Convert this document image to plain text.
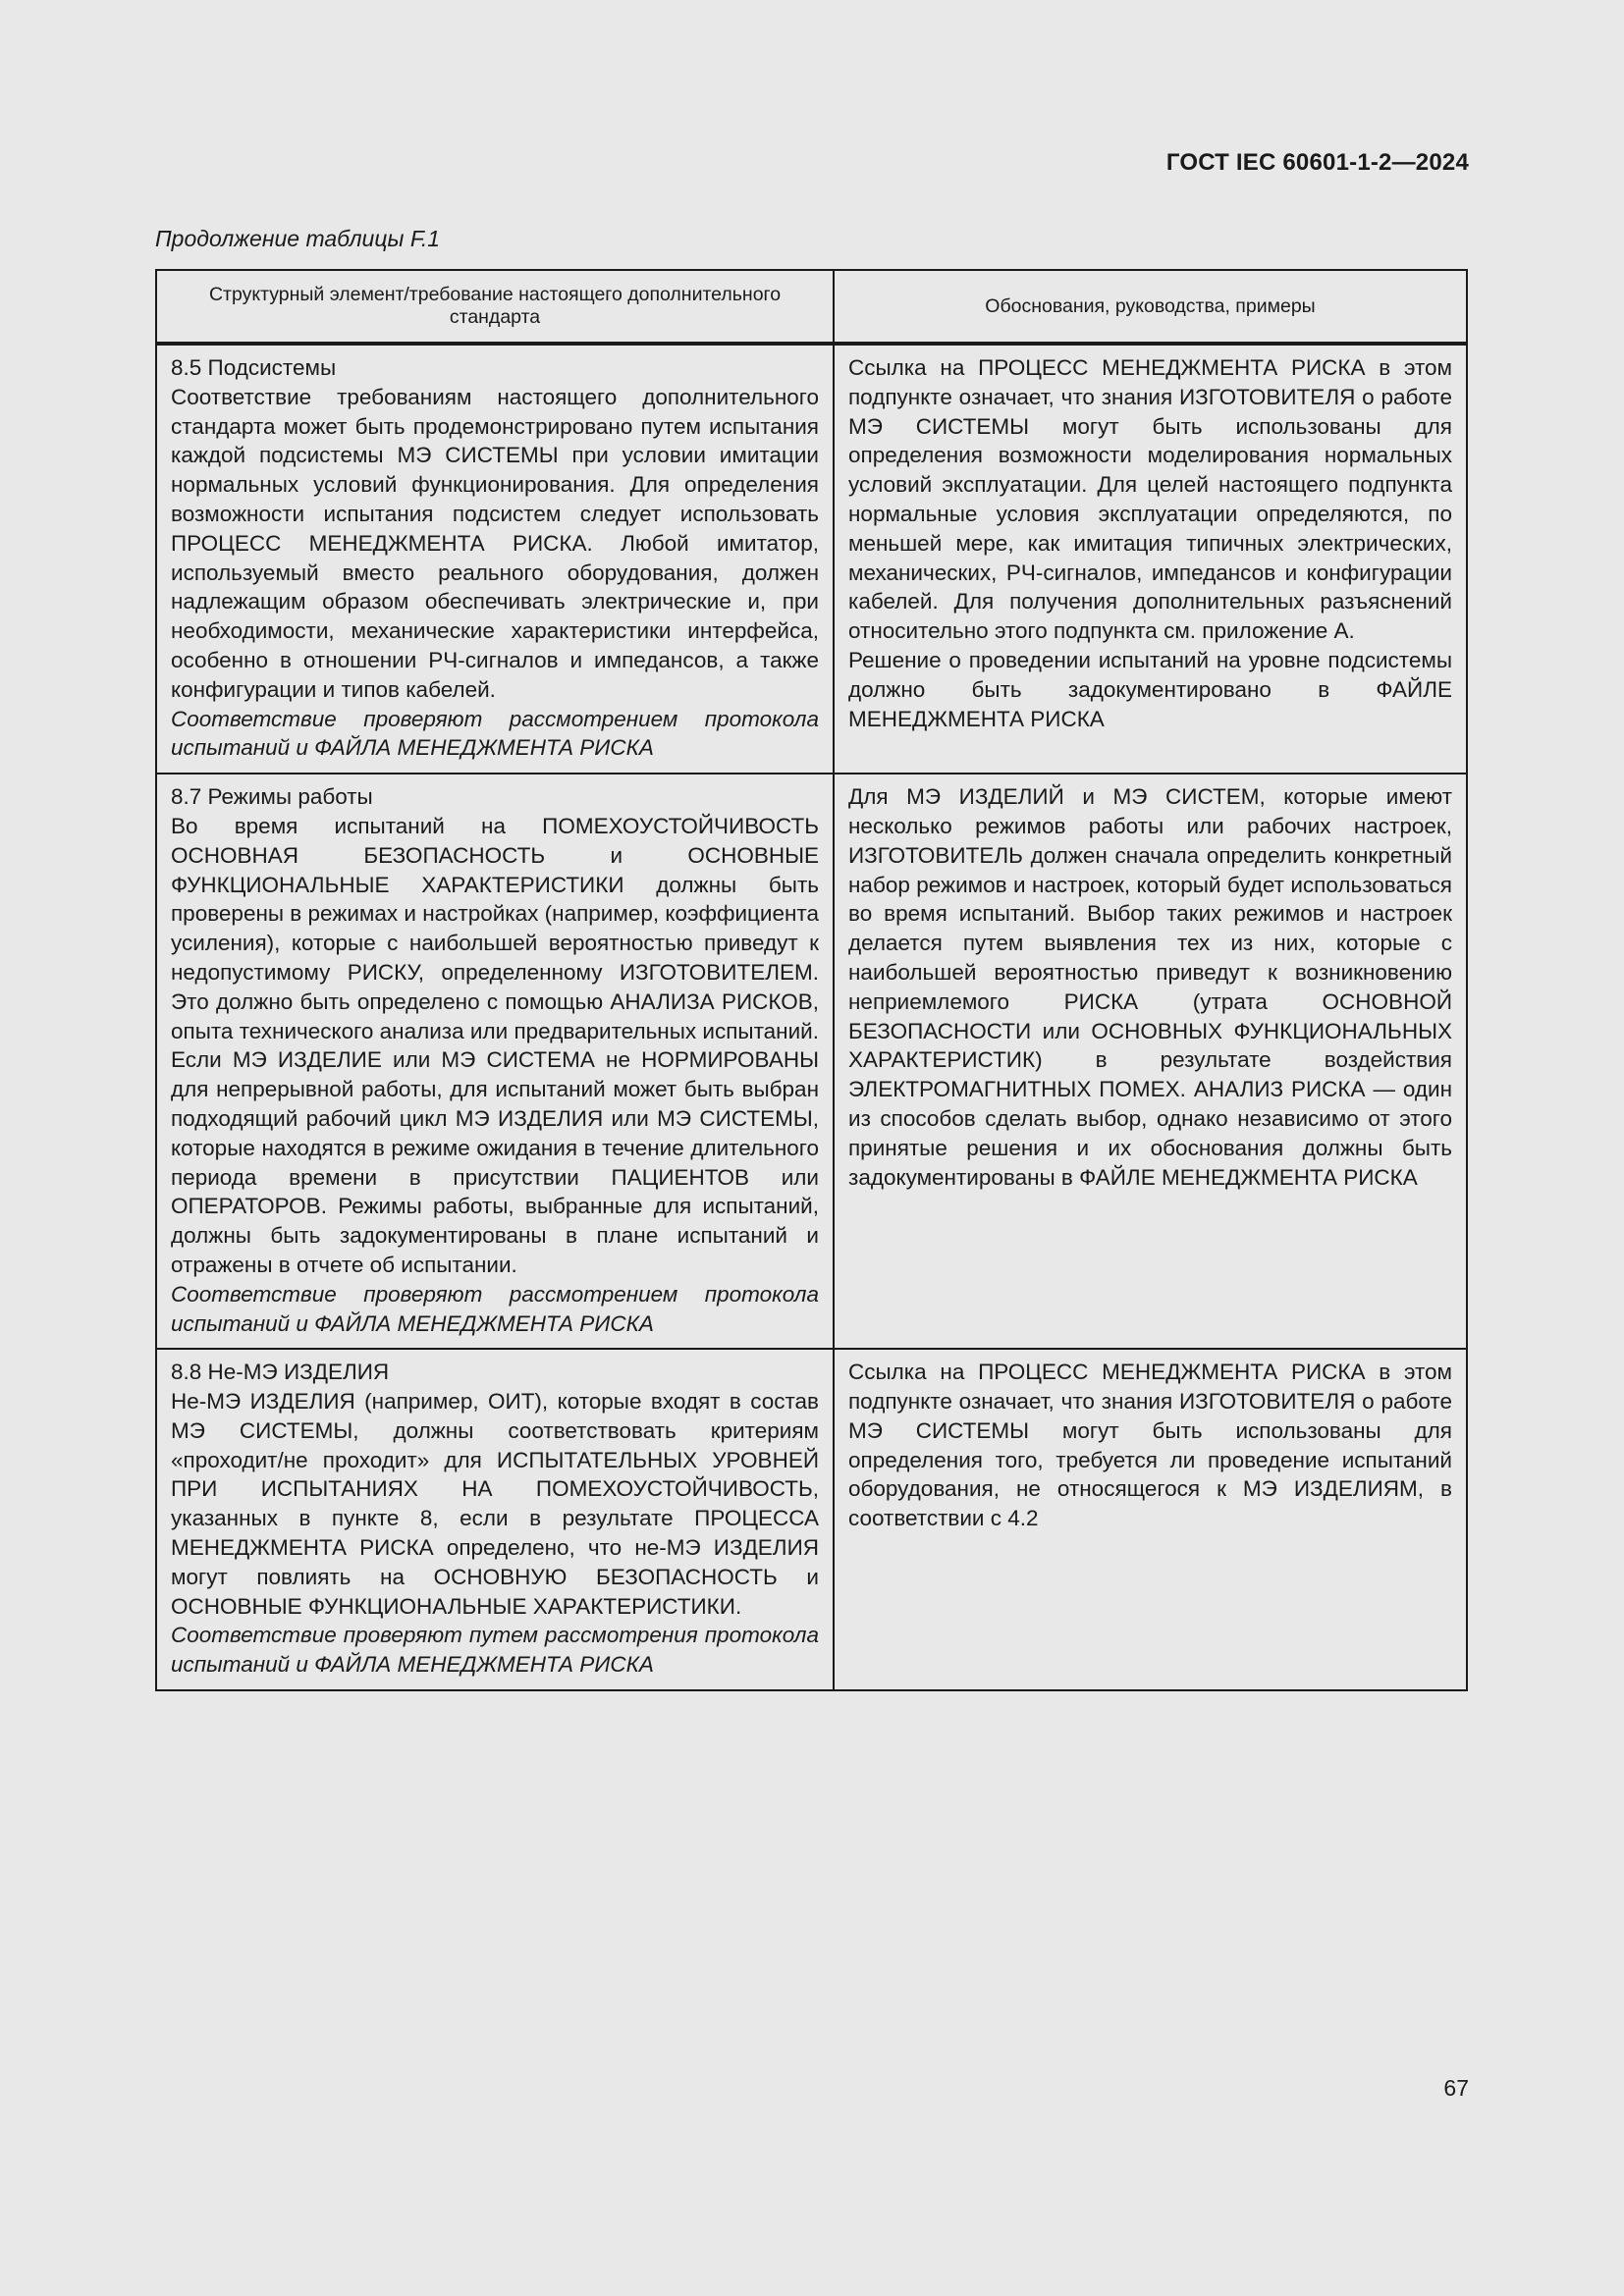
ГОСТ IEC 60601-1-2—2024
Продолжение таблицы F.1
Структурный элемент/требование настоящего дополнительного стандарта
Обоснования, руководства, примеры
8.5 Подсистемы
Соответствие требованиям настоящего дополнительного стандарта может быть продемонстрировано путем испытания каждой подсистемы МЭ СИСТЕМЫ при условии имитации нормальных условий функционирования. Для определения возможности испытания подсистем следует использовать ПРОЦЕСС МЕНЕДЖМЕНТА РИСКА. Любой имитатор, используемый вместо реального оборудования, должен надлежащим образом обеспечивать электрические и, при необходимости, механические характеристики интерфейса, особенно в отношении РЧ-сигналов и импедансов, а также конфигурации и типов кабелей.
Соответствие проверяют рассмотрением протокола испытаний и ФАЙЛА МЕНЕДЖМЕНТА РИСКА
Ссылка на ПРОЦЕСС МЕНЕДЖМЕНТА РИСКА в этом подпункте означает, что знания ИЗГОТОВИТЕЛЯ о работе МЭ СИСТЕМЫ могут быть использованы для определения возможности моделирования нормальных условий эксплуатации. Для целей настоящего подпункта нормальные условия эксплуатации определяются, по меньшей мере, как имитация типичных электрических, механических, РЧ-сигналов, импедансов и конфигурации кабелей. Для получения дополнительных разъяснений относительно этого подпункта см. приложение А.
Решение о проведении испытаний на уровне подсистемы должно быть задокументировано в ФАЙЛЕ МЕНЕДЖМЕНТА РИСКА
8.7 Режимы работы
Во время испытаний на ПОМЕХОУСТОЙЧИВОСТЬ ОСНОВНАЯ БЕЗОПАСНОСТЬ и ОСНОВНЫЕ ФУНКЦИОНАЛЬНЫЕ ХАРАКТЕРИСТИКИ должны быть проверены в режимах и настройках (например, коэффициента усиления), которые с наибольшей вероятностью приведут к недопустимому РИСКУ, определенному ИЗГОТОВИТЕЛЕМ. Это должно быть определено с помощью АНАЛИЗА РИСКОВ, опыта технического анализа или предварительных испытаний. Если МЭ ИЗДЕЛИЕ или МЭ СИСТЕМА не НОРМИРОВАНЫ для непрерывной работы, для испытаний может быть выбран подходящий рабочий цикл МЭ ИЗДЕЛИЯ или МЭ СИСТЕМЫ, которые находятся в режиме ожидания в течение длительного периода времени в присутствии ПАЦИЕНТОВ или ОПЕРАТОРОВ. Режимы работы, выбранные для испытаний, должны быть задокументированы в плане испытаний и отражены в отчете об испытании.
Соответствие проверяют рассмотрением протокола испытаний и ФАЙЛА МЕНЕДЖМЕНТА РИСКА
Для МЭ ИЗДЕЛИЙ и МЭ СИСТЕМ, которые имеют несколько режимов работы или рабочих настроек, ИЗГОТОВИТЕЛЬ должен сначала определить конкретный набор режимов и настроек, который будет использоваться во время испытаний. Выбор таких режимов и настроек делается путем выявления тех из них, которые с наибольшей вероятностью приведут к возникновению неприемлемого РИСКА (утрата ОСНОВНОЙ БЕЗОПАСНОСТИ или ОСНОВНЫХ ФУНКЦИОНАЛЬНЫХ ХАРАКТЕРИСТИК) в результате воздействия ЭЛЕКТРОМАГНИТНЫХ ПОМЕХ. АНАЛИЗ РИСКА — один из способов сделать выбор, однако независимо от этого принятые решения и их обоснования должны быть задокументированы в ФАЙЛЕ МЕНЕДЖМЕНТА РИСКА
8.8 Не-МЭ ИЗДЕЛИЯ
Не-МЭ ИЗДЕЛИЯ (например, ОИТ), которые входят в состав МЭ СИСТЕМЫ, должны соответствовать критериям «проходит/не проходит» для ИСПЫТАТЕЛЬНЫХ УРОВНЕЙ ПРИ ИСПЫТАНИЯХ НА ПОМЕХОУСТОЙЧИВОСТЬ, указанных в пункте 8, если в результате ПРОЦЕССА МЕНЕДЖМЕНТА РИСКА определено, что не-МЭ ИЗДЕЛИЯ могут повлиять на ОСНОВНУЮ БЕЗОПАСНОСТЬ и ОСНОВНЫЕ ФУНКЦИОНАЛЬНЫЕ ХАРАКТЕРИСТИКИ.
Соответствие проверяют путем рассмотрения протокола испытаний и ФАЙЛА МЕНЕДЖМЕНТА РИСКА
Ссылка на ПРОЦЕСС МЕНЕДЖМЕНТА РИСКА в этом подпункте означает, что знания ИЗГОТОВИТЕЛЯ о работе МЭ СИСТЕМЫ могут быть использованы для определения того, требуется ли проведение испытаний оборудования, не относящегося к МЭ ИЗДЕЛИЯМ, в соответствии с 4.2
67
